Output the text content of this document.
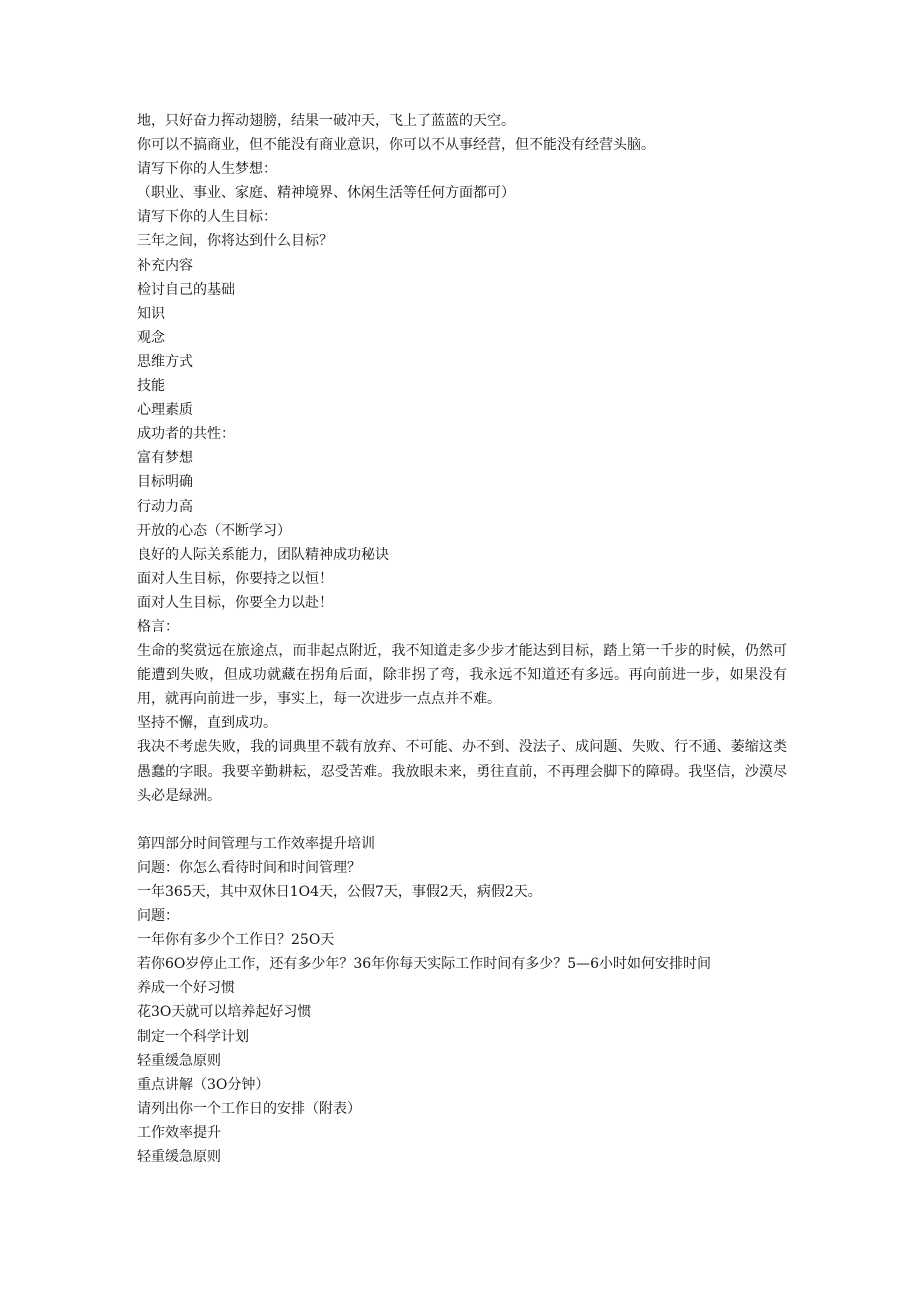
地，只好奋力挥动翅膀，结果一破冲天，飞上了蓝蓝的天空。
你可以不搞商业，但不能没有商业意识，你可以不从事经营，但不能没有经营头脑。
请写下你的人生梦想：
（职业、事业、家庭、精神境界、休闲生活等任何方面都可）
请写下你的人生目标：
三年之间，你将达到什么目标？
补充内容
检讨自己的基础
知识
观念
思维方式
技能
心理素质
成功者的共性：
富有梦想
目标明确
行动力高
开放的心态（不断学习）
良好的人际关系能力，团队精神成功秘诀
面对人生目标，你要持之以恒！
面对人生目标，你要全力以赴！
格言：
生命的奖赏远在旅途点，而非起点附近，我不知道走多少步才能达到目标，踏上第一千步的时候，仍然可能遭到失败，但成功就藏在拐角后面，除非拐了弯，我永远不知道还有多远。再向前进一步，如果没有用，就再向前进一步，事实上，每一次进步一点点并不难。
坚持不懈，直到成功。
我决不考虑失败，我的词典里不载有放弃、不可能、办不到、没法子、成问题、失败、行不通、萎缩这类愚蠢的字眼。我要辛勤耕耘，忍受苦难。我放眼未来，勇往直前，不再理会脚下的障碍。我坚信，沙漠尽头必是绿洲。
第四部分时间管理与工作效率提升培训
问题：你怎么看待时间和时间管理？
一年365天，其中双休日1O4天，公假7天，事假2天，病假2天。
问题：
一年你有多少个工作日？25O天
若你6O岁停止工作，还有多少年？36年你每天实际工作时间有多少？5—6小时如何安排时间
养成一个好习惯
花3O天就可以培养起好习惯
制定一个科学计划
轻重缓急原则
重点讲解（3O分钟）
请列出你一个工作日的安排（附表）
工作效率提升
轻重缓急原则
